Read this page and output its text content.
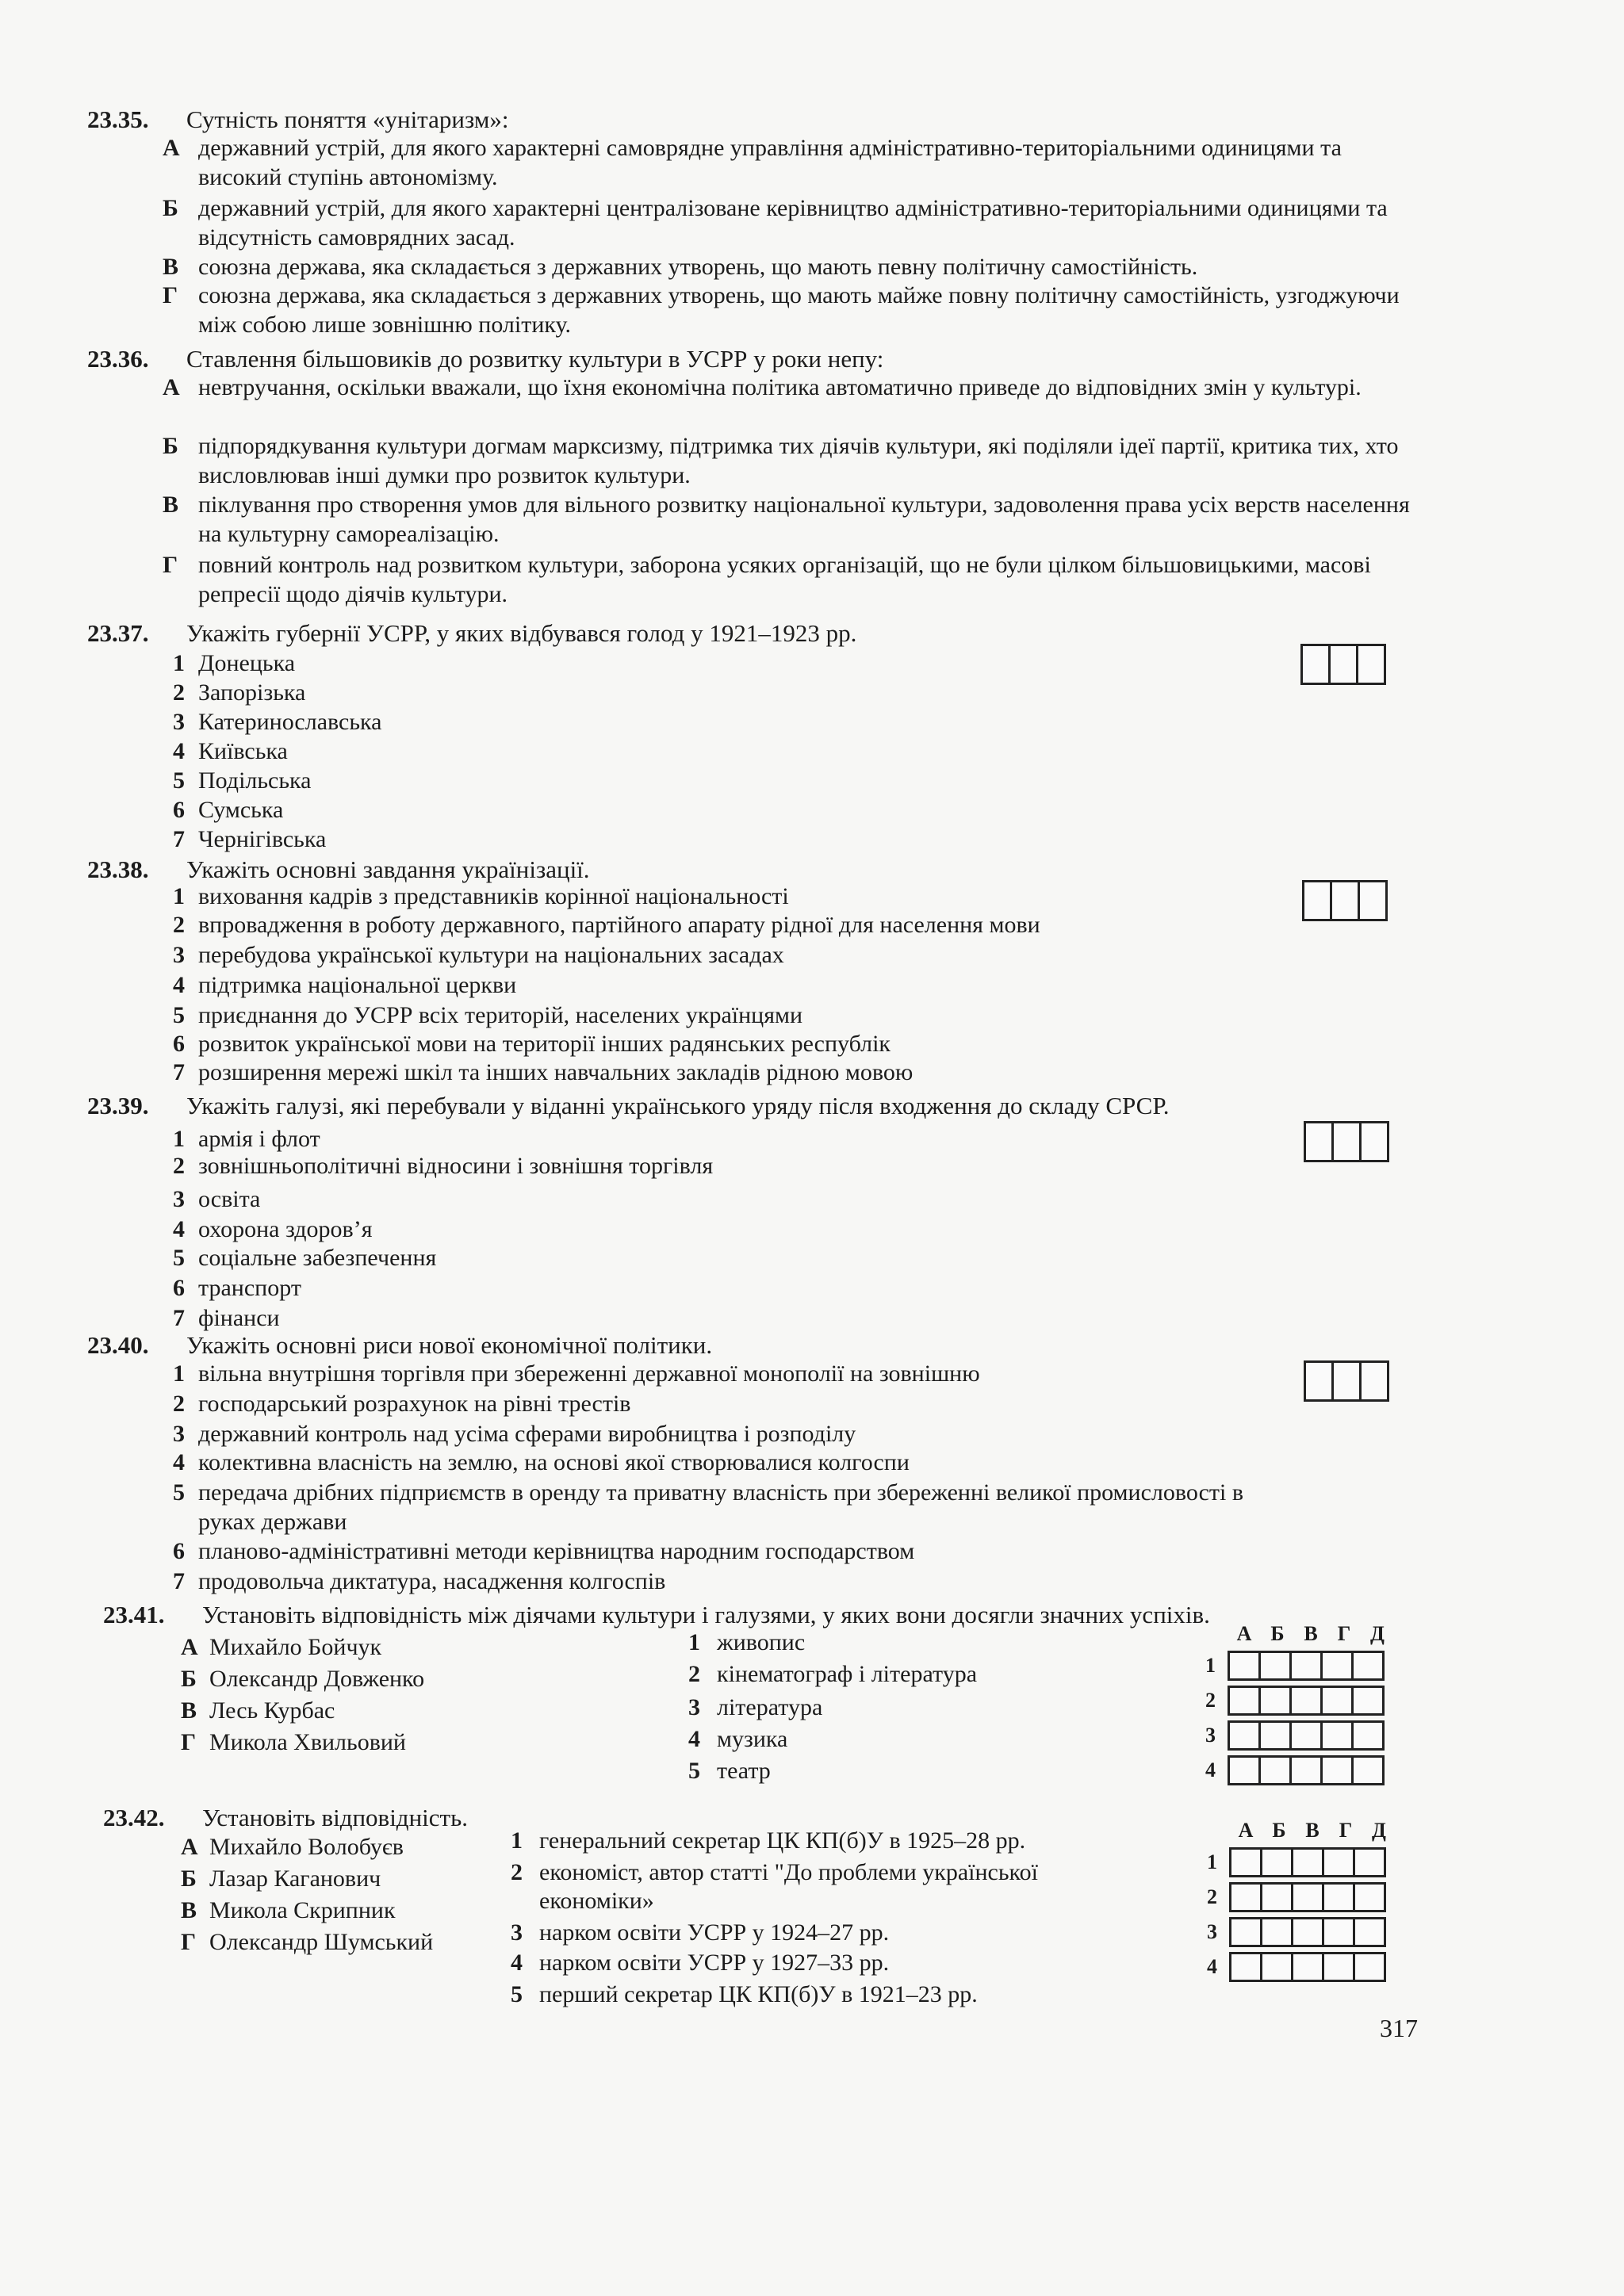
23.35. Сутність поняття «унітаризм»:
А державний устрій, для якого характерні самоврядне управління адміністративно-територіальними одиницями та високий ступінь автономізму.
Б державний устрій, для якого характерні централізоване керівництво адміністративно-територіальними одиницями та відсутність самоврядних засад.
В союзна держава, яка складається з державних утворень, що мають певну політичну самостійність.
Г союзна держава, яка складається з державних утворень, що мають майже повну політичну самостійність, узгоджуючи між собою лише зовнішню політику.
23.36. Ставлення більшовиків до розвитку культури в УСРР у роки непу:
А невтручання, оскільки вважали, що їхня економічна політика автоматично приведе до відповідних змін у культурі.
Б підпорядкування культури догмам марксизму, підтримка тих діячів культури, які поділяли ідеї партії, критика тих, хто висловлював інші думки про розвиток культури.
В піклування про створення умов для вільного розвитку національної культури, задоволення права усіх верств населення на культурну самореалізацію.
Г повний контроль над розвитком культури, заборона усяких організацій, що не були цілком більшовицькими, масові репресії щодо діячів культури.
23.37. Укажіть губернії УСРР, у яких відбувався голод у 1921–1923 рр.
1 Донецька
2 Запорізька
3 Катеринославська
4 Київська
5 Подільська
6 Сумська
7 Чернігівська
23.38. Укажіть основні завдання українізації.
1 виховання кадрів з представників корінної національності
2 впровадження в роботу державного, партійного апарату рідної для населення мови
3 перебудова української культури на національних засадах
4 підтримка національної церкви
5 приєднання до УСРР всіх територій, населених українцями
6 розвиток української мови на території інших радянських республік
7 розширення мережі шкіл та інших навчальних закладів рідною мовою
23.39. Укажіть галузі, які перебували у віданні українського уряду після входження до складу СРСР.
1 армія і флот
2 зовнішньополітичні відносини і зовнішня торгівля
3 освіта
4 охорона здоров’я
5 соціальне забезпечення
6 транспорт
7 фінанси
23.40. Укажіть основні риси нової економічної політики.
1 вільна внутрішня торгівля при збереженні державної монополії на зовнішню
2 господарський розрахунок на рівні трестів
3 державний контроль над усіма сферами виробництва і розподілу
4 колективна власність на землю, на основі якої створювалися колгоспи
5 передача дрібних підприємств в оренду та приватну власність при збереженні великої промисловості в руках держави
6 планово-адміністративні методи керівництва народним господарством
7 продовольча диктатура, насадження колгоспів
23.41. Установіть відповідність між діячами культури і галузями, у яких вони досягли значних успіхів.
А Михайло Бойчук
Б Олександр Довженко
В Лесь Курбас
Г Микола Хвильовий
1 живопис
2 кінематограф і література
3 література
4 музика
5 театр
А Б В Г Д
1
2
3
4
23.42. Установіть відповідність.
А Михайло Волобуєв
Б Лазар Каганович
В Микола Скрипник
Г Олександр Шумський
1 генеральний секретар ЦК КП(б)У в 1925–28 рр.
2 економіст, автор статті "До проблеми української
економіки»
3 нарком освіти УСРР у 1924–27 рр.
4 нарком освіти УСРР у 1927–33 рр.
5 перший секретар ЦК КП(б)У в 1921–23 рр.
А Б В Г Д
1
2
3
4
317
